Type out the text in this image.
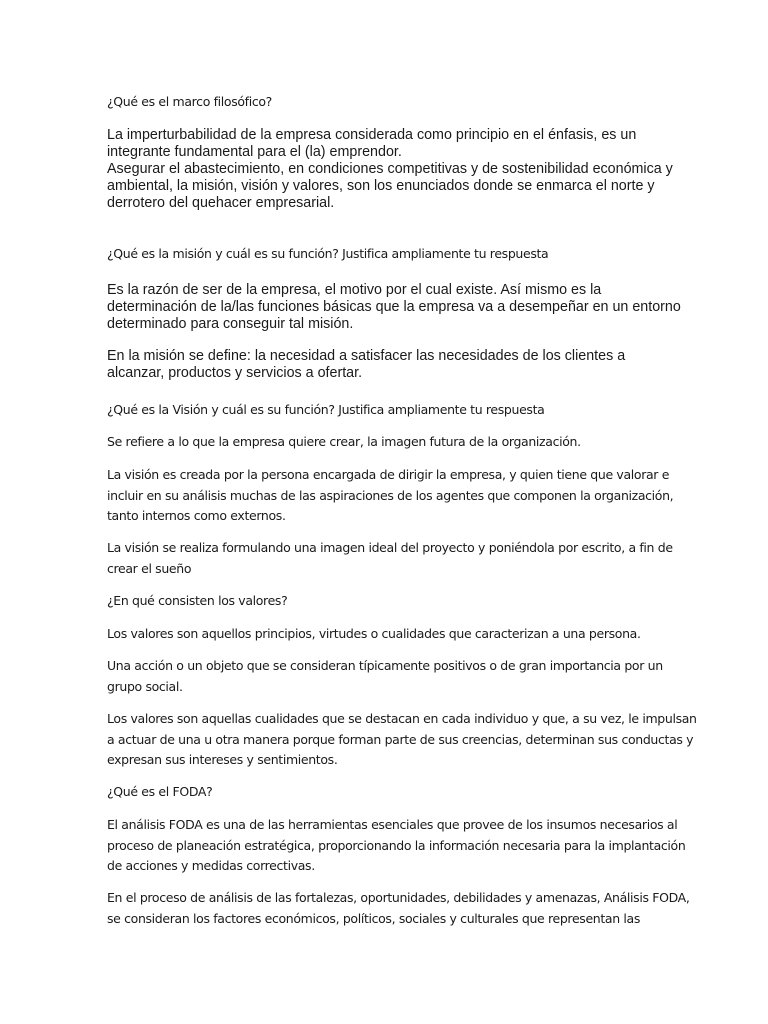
¿Qué es el marco filosófico?

La imperturbabilidad de la empresa considerada como principio en el énfasis, es un
integrante fundamental para el (la) emprendor.
Asegurar el abastecimiento, en condiciones competitivas y de sostenibilidad económica y
ambiental, la misión, visión y valores, son los enunciados donde se enmarca el norte y
derrotero del quehacer empresarial.

¿Qué es la misión y cuál es su función? Justifica ampliamente tu respuesta

Es la razón de ser de la empresa, el motivo por el cual existe. Así mismo es la
determinación de la/las funciones básicas que la empresa va a desempeñar en un entorno
determinado para conseguir tal misión.

En la misión se define: la necesidad a satisfacer las necesidades de los clientes a
alcanzar, productos y servicios a ofertar.

¿Qué es la Visión y cuál es su función? Justifica ampliamente tu respuesta

Se refiere a lo que la empresa quiere crear, la imagen futura de la organización.

La visión es creada por la persona encargada de dirigir la empresa, y quien tiene que valorar e
incluir en su análisis muchas de las aspiraciones de los agentes que componen la organización,
tanto internos como externos.

La visión se realiza formulando una imagen ideal del proyecto y poniéndola por escrito, a fin de
crear el sueño

¿En qué consisten los valores?

Los valores son aquellos principios, virtudes o cualidades que caracterizan a una persona.

Una acción o un objeto que se consideran típicamente positivos o de gran importancia por un
grupo social.

Los valores son aquellas cualidades que se destacan en cada individuo y que, a su vez, le impulsan
a actuar de una u otra manera porque forman parte de sus creencias, determinan sus conductas y
expresan sus intereses y sentimientos.

¿Qué es el FODA?

El análisis FODA es una de las herramientas esenciales que provee de los insumos necesarios al
proceso de planeación estratégica, proporcionando la información necesaria para la implantación
de acciones y medidas correctivas.

En el proceso de análisis de las fortalezas, oportunidades, debilidades y amenazas, Análisis FODA,
se consideran los factores económicos, políticos, sociales y culturales que representan las
